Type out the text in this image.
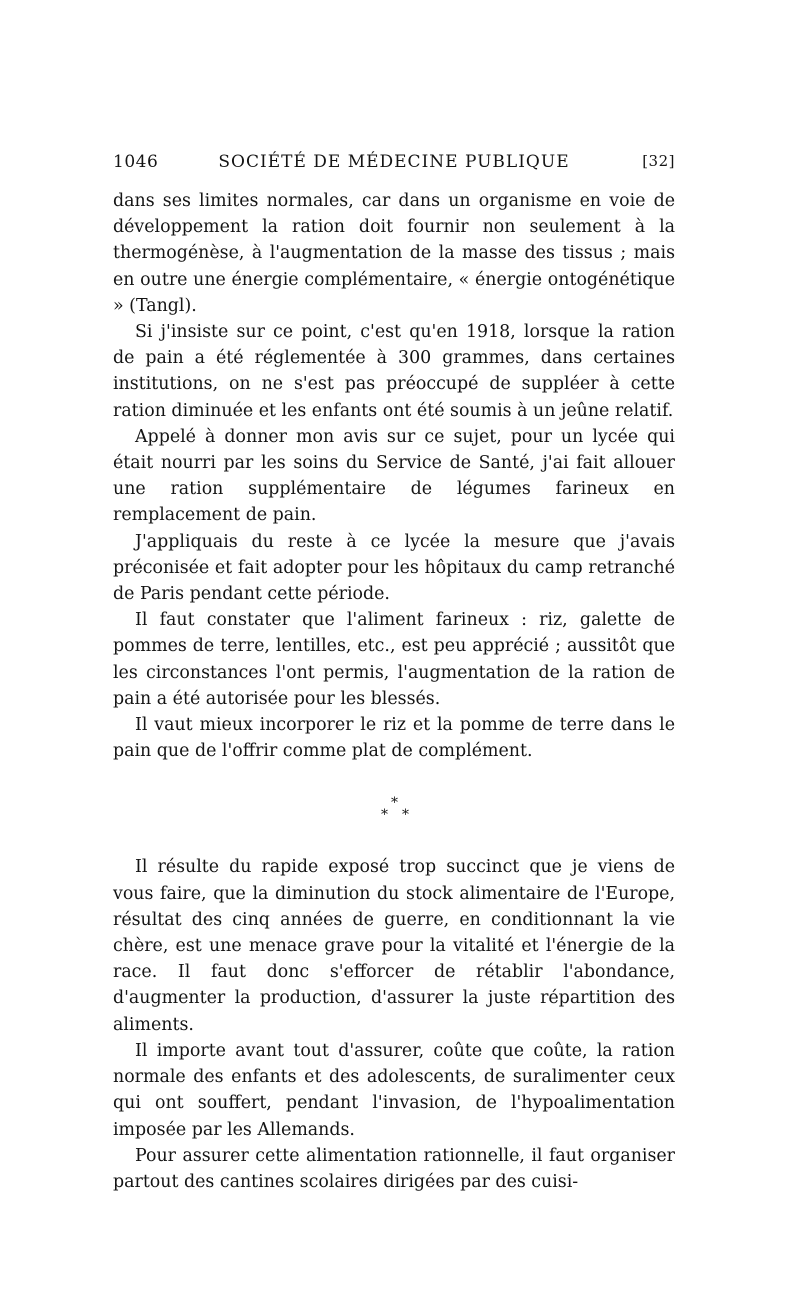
1046	SOCIÉTÉ DE MÉDECINE PUBLIQUE	[32]

dans ses limites normales, car dans un organisme en voie de développement la ration doit fournir non seulement à la thermogénèse, à l'augmentation de la masse des tissus ; mais en outre une énergie complémentaire, « énergie ontogénétique » (Tangl).

Si j'insiste sur ce point, c'est qu'en 1918, lorsque la ration de pain a été réglementée à 300 grammes, dans certaines institutions, on ne s'est pas préoccupé de suppléer à cette ration diminuée et les enfants ont été soumis à un jeûne relatif.

Appelé à donner mon avis sur ce sujet, pour un lycée qui était nourri par les soins du Service de Santé, j'ai fait allouer une ration supplémentaire de légumes farineux en remplacement de pain.

J'appliquais du reste à ce lycée la mesure que j'avais préconisée et fait adopter pour les hôpitaux du camp retranché de Paris pendant cette période.

Il faut constater que l'aliment farineux : riz, galette de pommes de terre, lentilles, etc., est peu apprécié ; aussitôt que les circonstances l'ont permis, l'augmentation de la ration de pain a été autorisée pour les blessés.

Il vaut mieux incorporer le riz et la pomme de terre dans le pain que de l'offrir comme plat de complément.

*
* *

Il résulte du rapide exposé trop succinct que je viens de vous faire, que la diminution du stock alimentaire de l'Europe, résultat des cinq années de guerre, en conditionnant la vie chère, est une menace grave pour la vitalité et l'énergie de la race. Il faut donc s'efforcer de rétablir l'abondance, d'augmenter la production, d'assurer la juste répartition des aliments.

Il importe avant tout d'assurer, coûte que coûte, la ration normale des enfants et des adolescents, de suralimenter ceux qui ont souffert, pendant l'invasion, de l'hypoalimentation imposée par les Allemands.

Pour assurer cette alimentation rationnelle, il faut organiser partout des cantines scolaires dirigées par des cuisi-
